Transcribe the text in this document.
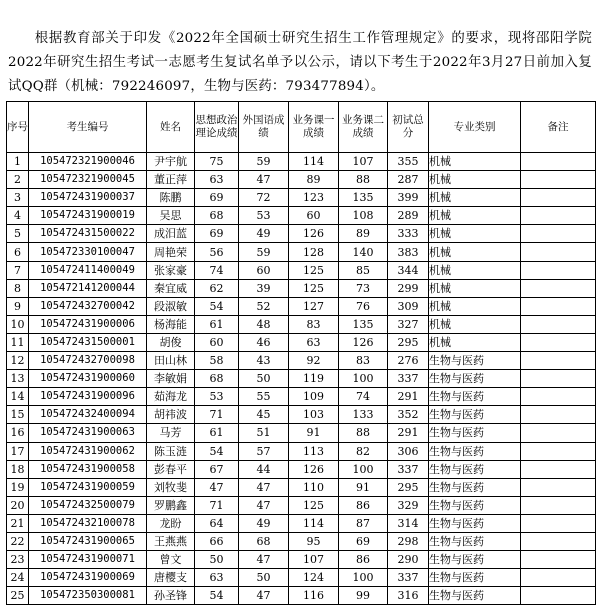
根据教育部关于印发《2022年全国硕士研究生招生工作管理规定》的要求，现将邵阳学院2022年研究生招生考试一志愿考生复试名单予以公示，请以下考生于2022年3月27日前加入复试QQ群（机械：792246097，生物与医药：793477894）。

序号	考生编号	姓名	思想政治理论成绩	外国语成绩	业务课一成绩	业务课二成绩	初试总分	专业类别	备注
1	105472321900046	尹宇航	75	59	114	107	355	机械	
2	105472321900045	董正萍	63	47	89	88	287	机械	
3	105472431900037	陈鹏	69	72	123	135	399	机械	
4	105472431900019	吴思	68	53	60	108	289	机械	
5	105472431500022	成汨蓝	69	49	126	89	333	机械	
6	105472330100047	周艳荣	56	59	128	140	383	机械	
7	105472411400049	张家豪	74	60	125	85	344	机械	
8	105472141200044	秦宜威	62	39	125	73	299	机械	
9	105472432700042	段淑敏	54	52	127	76	309	机械	
10	105472431900006	杨海能	61	48	83	135	327	机械	
11	105472431500001	胡俊	60	46	63	126	295	机械	
12	105472432700098	田山林	58	43	92	83	276	生物与医药	
13	105472431900060	李敏娟	68	50	119	100	337	生物与医药	
14	105472431900096	茹海龙	53	55	109	74	291	生物与医药	
15	105472432400094	胡祎波	71	45	103	133	352	生物与医药	
16	105472431900063	马芳	61	51	91	88	291	生物与医药	
17	105472431900062	陈玉涟	54	57	113	82	306	生物与医药	
18	105472431900058	彭春平	67	44	126	100	337	生物与医药	
19	105472431900059	刘牧斐	47	47	110	91	295	生物与医药	
20	105472432500079	罗鹏鑫	71	47	125	86	329	生物与医药	
21	105472432100078	龙盼	64	49	114	87	314	生物与医药	
22	105472431900065	王燕燕	66	68	95	69	298	生物与医药	
23	105472431900071	曾文	50	47	107	86	290	生物与医药	
24	105472431900069	唐樱支	63	50	124	100	337	生物与医药	
25	105472350300081	孙圣锋	54	47	116	99	316	生物与医药	
